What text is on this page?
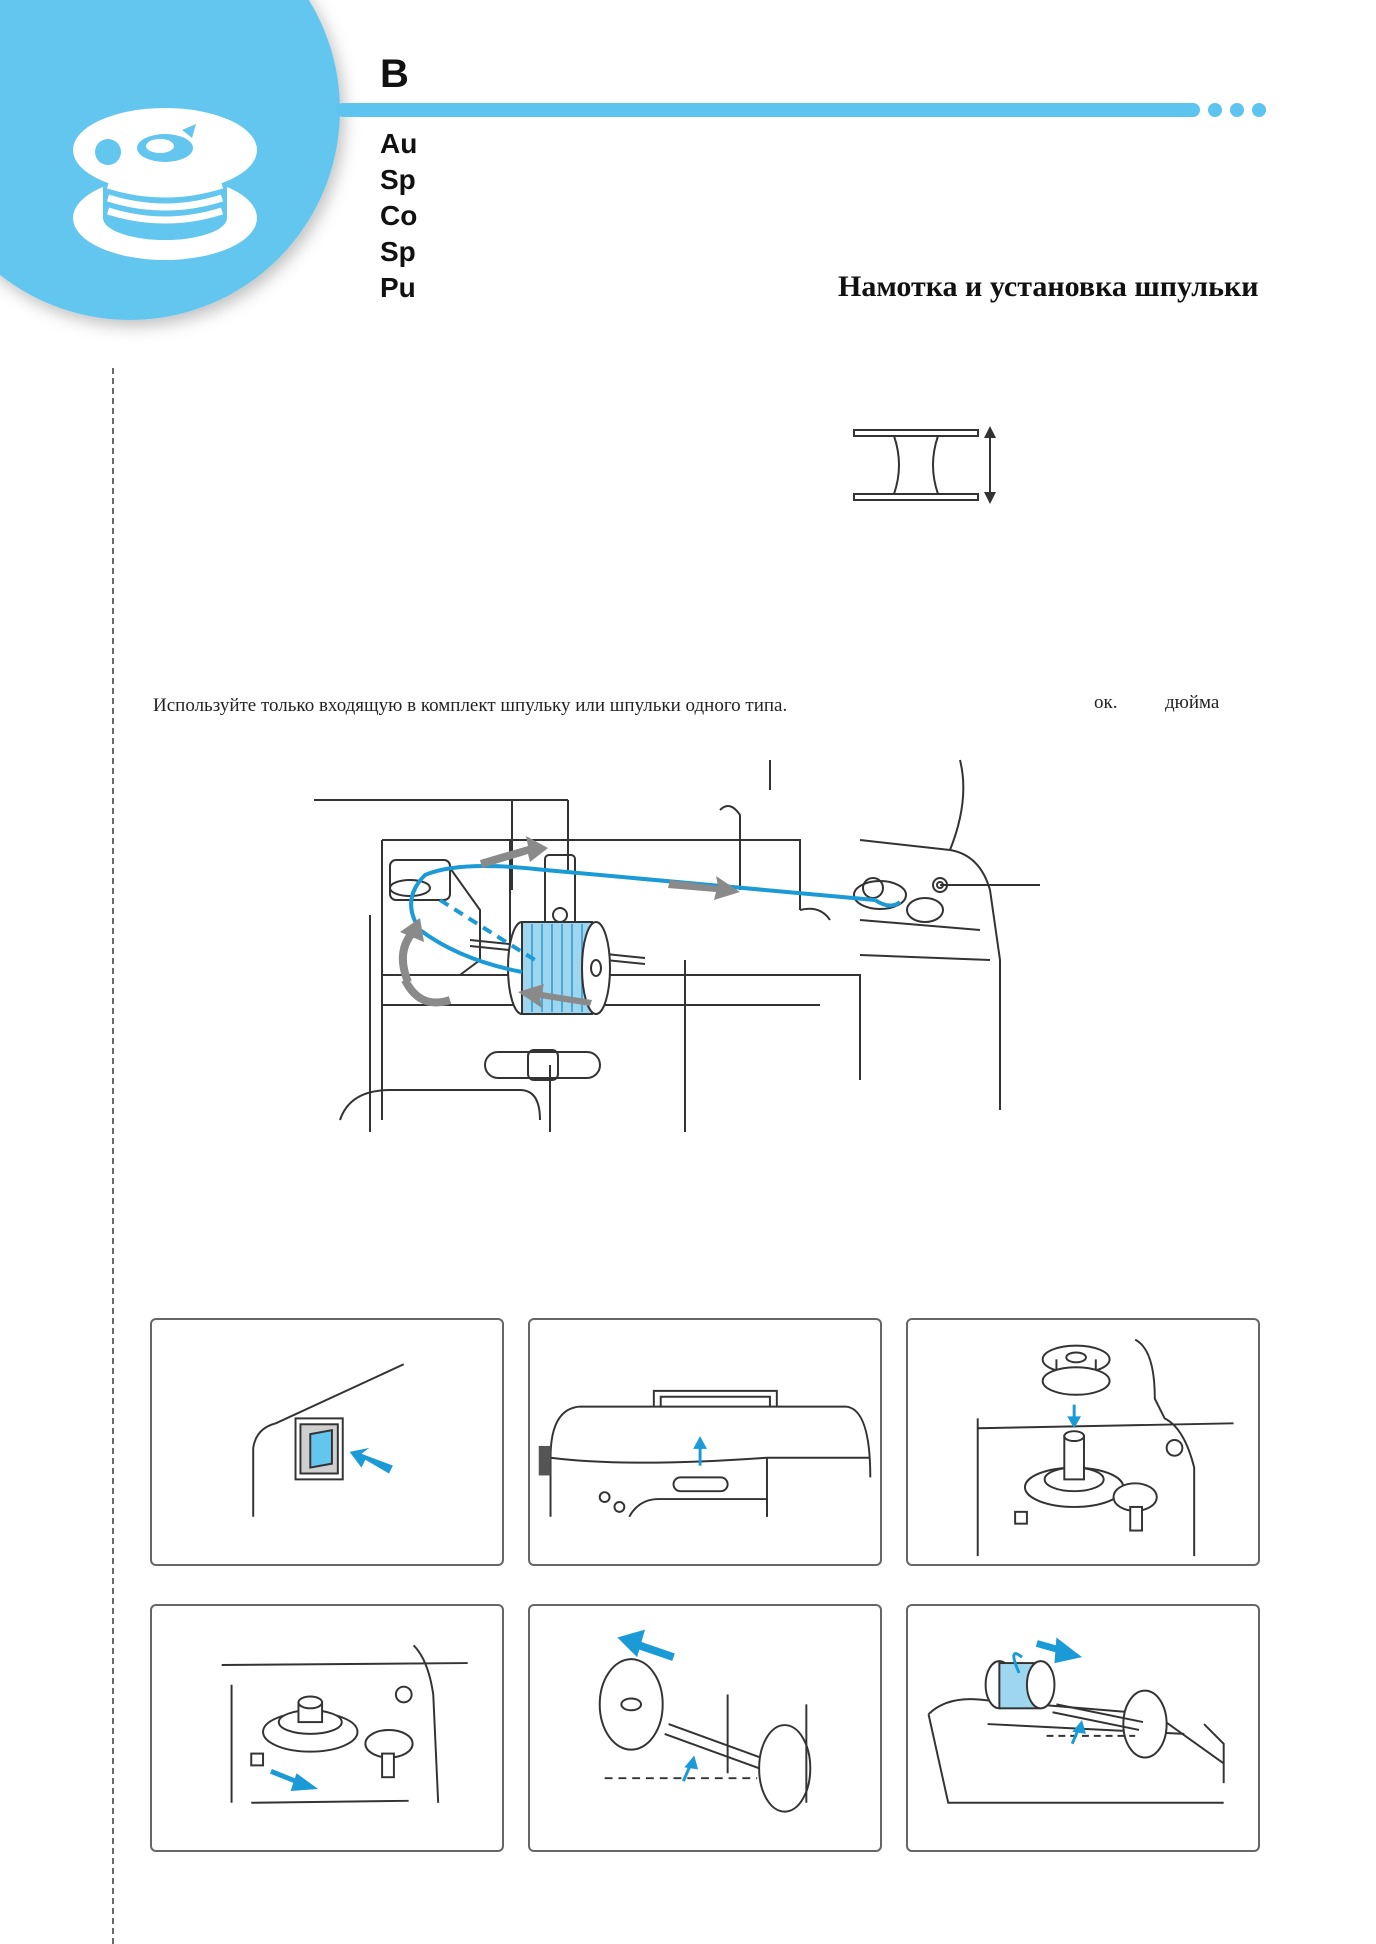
B
Au
Sp
Co
Sp
Pu	Намотка и установка шпульки
Используйте только входящую в комплект шпульку или шпульки одного типа.	ок.	дюйма
